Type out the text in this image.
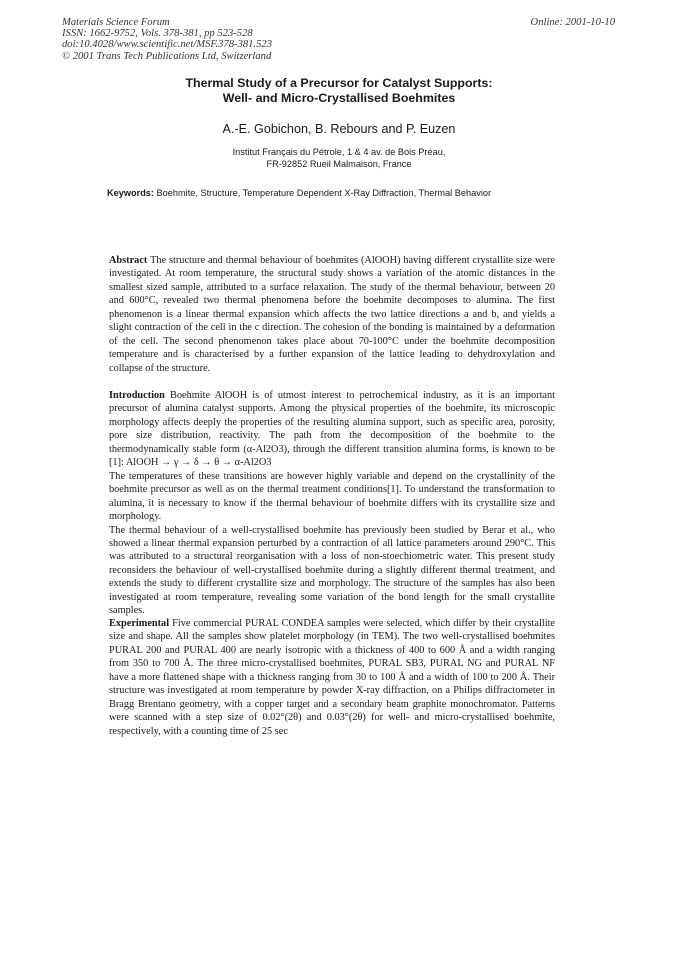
Materials Science Forum
ISSN: 1662-9752, Vols. 378-381, pp 523-528
doi:10.4028/www.scientific.net/MSF.378-381.523
© 2001 Trans Tech Publications Ltd, Switzerland
Online: 2001-10-10
Thermal Study of a Precursor for Catalyst Supports:
Well- and Micro-Crystallised Boehmites
A.-E. Gobichon, B. Rebours and P. Euzen
Institut Français du Pétrole, 1 & 4 av. de Bois Préau,
FR-92852 Rueil Malmaison, France
Keywords: Boehmite, Structure, Temperature Dependent X-Ray Diffraction, Thermal Behavior

Abstract The structure and thermal behaviour of boehmites (AlOOH) having different crystallite size were investigated. At room temperature, the structural study shows a variation of the atomic distances in the smallest sized sample, attributed to a surface relaxation. The study of the thermal behaviour, between 20 and 600°C, revealed two thermal phenomena before the boehmite decomposes to alumina. The first phenomenon is a linear thermal expansion which affects the two lattice directions a and b, and yields a slight contraction of the cell in the c direction. The cohesion of the bonding is maintained by a deformation of the cell. The second phenomenon takes place about 70-100°C under the boehmite decomposition temperature and is characterised by a further expansion of the lattice leading to dehydroxylation and collapse of the structure.

Introduction Boehmite AlOOH is of utmost interest to petrochemical industry, as it is an important precursor of alumina catalyst supports. Among the physical properties of the boehmite, its microscopic morphology affects deeply the properties of the resulting alumina support, such as specific area, porosity, pore size distribution, reactivity. The path from the decomposition of the boehmite to the thermodynamically stable form (α-Al2O3), through the different transition alumina forms, is known to be [1]: AlOOH → γ → δ → θ → α-Al2O3

The temperatures of these transitions are however highly variable and depend on the crystallinity of the boehmite precursor as well as on the thermal treatment conditions[1]. To understand the transformation to alumina, it is necessary to know if the thermal behaviour of boehmite differs with its crystallite size and morphology.

The thermal behaviour of a well-crystallised boehmite has previously been studied by Berar et al., who showed a linear thermal expansion perturbed by a contraction of all lattice parameters around 290°C. This was attributed to a structural reorganisation with a loss of non-stoechiometric water. This present study reconsiders the behaviour of well-crystallised boehmite during a slightly different thermal treatment, and extends the study to different crystallite size and morphology. The structure of the samples has also been investigated at room temperature, revealing some variation of the bond length for the small crystallite samples.

Experimental Five commercial PURAL CONDEA samples were selected, which differ by their crystallite size and shape. All the samples show platelet morphology (in TEM). The two well-crystallised boehmites PURAL 200 and PURAL 400 are nearly isotropic with a thickness of 400 to 600 Å and a width ranging from 350 to 700 Å. The three micro-crystallised boehmites, PURAL SB3, PURAL NG and PURAL NF have a more flattened shape with a thickness ranging from 30 to 100 Å and a width of 100 to 200 Å. Their structure was investigated at room temperature by powder X-ray diffraction, on a Philips diffractometer in Bragg Brentano geometry, with a copper target and a secondary beam graphite monochromator. Patterns were scanned with a step size of 0.02°(2θ) and 0.03°(2θ) for well- and micro-crystallised boehmite, respectively, with a counting time of 25 sec
